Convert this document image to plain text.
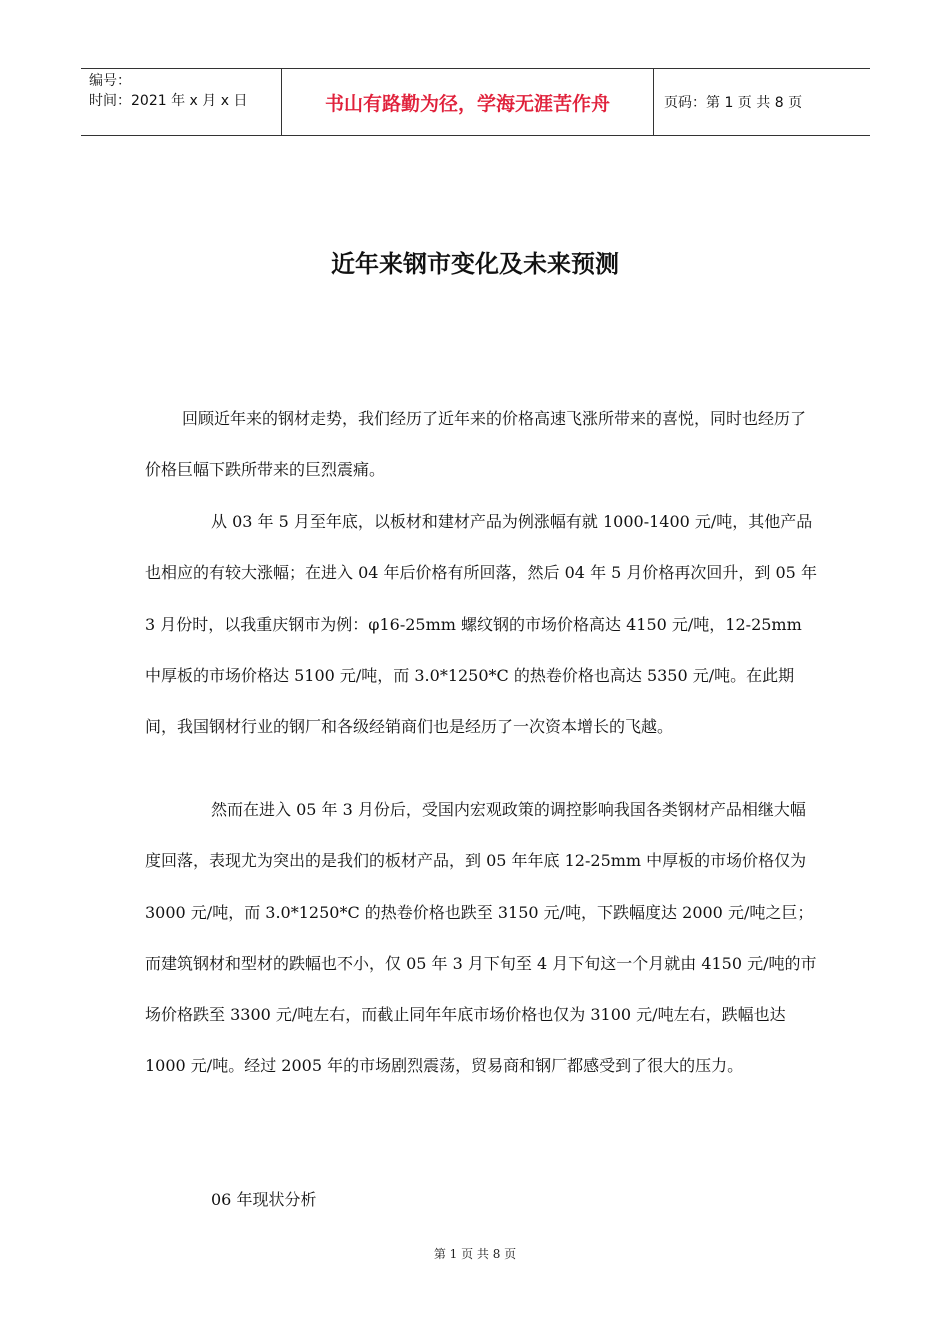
编号：
时间：2021 年 x 月 x 日	书山有路勤为径，学海无涯苦作舟	页码：第 1 页 共 8 页
近年来钢市变化及未来预测

回顾近年来的钢材走势，我们经历了近年来的价格高速飞涨所带来的喜悦，同时也经历了价格巨幅下跌所带来的巨烈震痛。

从 03 年 5 月至年底，以板材和建材产品为例涨幅有就 1000-1400 元/吨，其他产品也相应的有较大涨幅；在进入 04 年后价格有所回落，然后 04 年 5 月价格再次回升，到 05 年 3 月份时，以我重庆钢市为例：φ16-25mm 螺纹钢的市场价格高达 4150 元/吨，12-25mm 中厚板的市场价格达 5100 元/吨，而 3.0*1250*C 的热卷价格也高达 5350 元/吨。在此期间，我国钢材行业的钢厂和各级经销商们也是经历了一次资本增长的飞越。

然而在进入 05 年 3 月份后，受国内宏观政策的调控影响我国各类钢材产品相继大幅度回落，表现尤为突出的是我们的板材产品，到 05 年年底 12-25mm 中厚板的市场价格仅为 3000 元/吨，而 3.0*1250*C 的热卷价格也跌至 3150 元/吨，下跌幅度达 2000 元/吨之巨；而建筑钢材和型材的跌幅也不小，仅 05 年 3 月下旬至 4 月下旬这一个月就由 4150 元/吨的市场价格跌至 3300 元/吨左右，而截止同年年底市场价格也仅为 3100 元/吨左右，跌幅也达 1000 元/吨。经过 2005 年的市场剧烈震荡，贸易商和钢厂都感受到了很大的压力。

06 年现状分析
第 1 页 共 8 页
